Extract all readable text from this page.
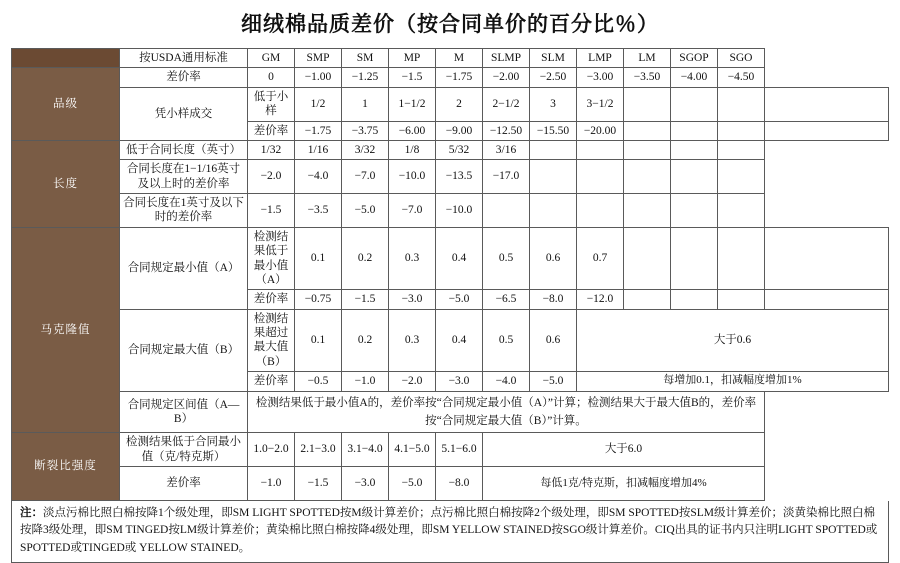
细绒棉品质差价（按合同单价的百分比％）
	按USDA通用标准	GM	SMP	SM	MP	M	SLMP	SLM	LMP	LM	SGOP	SGO	
品级	差价率	0	−1.00	−1.25	−1.5	−1.75	−2.00	−2.50	−3.00	−3.50	−4.00	−4.50	
	凭小样成交	低于小样	1/2	1	1−1/2	2	2−1/2	3	3−1/2				
		差价率	−1.75	−3.75	−6.00	−9.00	−12.50	−15.50	−20.00				
长度	低于合同长度（英寸）	1/32	1/16	3/32	1/8	5/32	3/16						
	合同长度在1−1/16英寸及以上时的差价率	−2.0	−4.0	−7.0	−10.0	−13.5	−17.0						
	合同长度在1英寸及以下时的差价率	−1.5	−3.5	−5.0	−7.0	−10.0							
马克隆值	合同规定最小值（A）	检测结果低于最小值（A）	0.1	0.2	0.3	0.4	0.5	0.6	0.7				
		差价率	−0.75	−1.5	−3.0	−5.0	−6.5	−8.0	−12.0				
	合同规定最大值（B）	检测结果超过最大值（B）	0.1	0.2	0.3	0.4	0.5	0.6	大于0.6				
		差价率	−0.5	−1.0	−2.0	−3.0	−4.0	−5.0	每增加0.1，扣减幅度增加1%				
	合同规定区间值（A—B）	检测结果低于最小值A的，差价率按“合同规定最小值（A）”计算；检测结果大于最大值B的，差价率按“合同规定最大值（B）”计算。											
断裂比强度	检测结果低于合同最小值（克/特克斯）	1.0−2.0	2.1−3.0	3.1−4.0	4.1−5.0	5.1−6.0	大于6.0						
	差价率	−1.0	−1.5	−3.0	−5.0	−8.0	每低1克/特克斯，扣减幅度增加4%						
注：淡点污棉比照白棉按降1个级处理，即SM LIGHT SPOTTED按M级计算差价；点污棉比照白棉按降2个级处理，即SM SPOTTED按SLM级计算差价；淡黄染棉比照白棉按降3级处理，即SM TINGED按LM级计算差价；黄染棉比照白棉按降4级处理，即SM YELLOW STAINED按SGO级计算差价。CIQ出具的证书内只注明LIGHT SPOTTED或SPOTTED或TINGED或 YELLOW STAINED。
